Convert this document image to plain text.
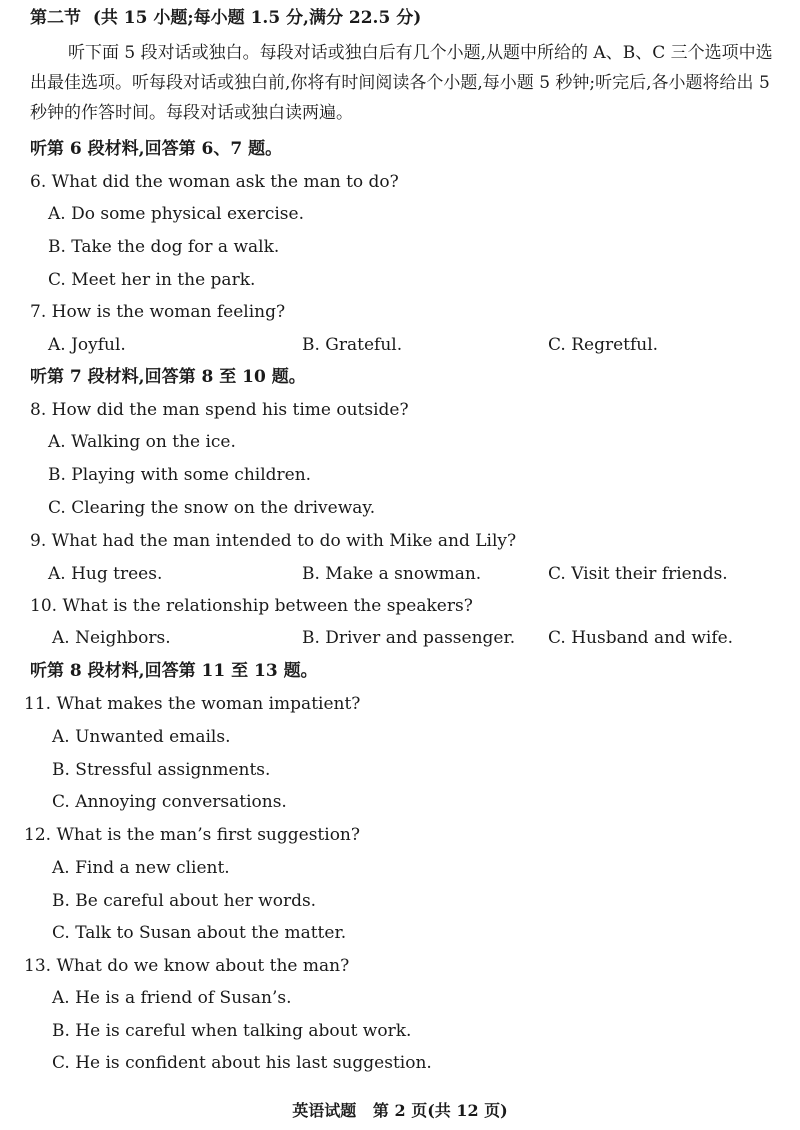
第二节  (共 15 小题;每小题 1.5 分,满分 22.5 分)
听下面 5 段对话或独白。每段对话或独白后有几个小题,从题中所给的 A、B、C 三个选项中选出最佳选项。听每段对话或独白前,你将有时间阅读各个小题,每小题 5 秒钟;听完后,各小题将给出 5 秒钟的作答时间。每段对话或独白读两遍。
听第 6 段材料,回答第 6、7 题。
6. What did the woman ask the man to do?
A. Do some physical exercise.
B. Take the dog for a walk.
C. Meet her in the park.
7. How is the woman feeling?
A. Joyful.	B. Grateful.	C. Regretful.
听第 7 段材料,回答第 8 至 10 题。
8. How did the man spend his time outside?
A. Walking on the ice.
B. Playing with some children.
C. Clearing the snow on the driveway.
9. What had the man intended to do with Mike and Lily?
A. Hug trees.	B. Make a snowman.	C. Visit their friends.
10. What is the relationship between the speakers?
A. Neighbors.	B. Driver and passenger. C. Husband and wife.
听第 8 段材料,回答第 11 至 13 题。
11. What makes the woman impatient?
A. Unwanted emails.
B. Stressful assignments.
C. Annoying conversations.
12. What is the man’s first suggestion?
A. Find a new client.
B. Be careful about her words.
C. Talk to Susan about the matter.
13. What do we know about the man?
A. He is a friend of Susan’s.
B. He is careful when talking about work.
C. He is confident about his last suggestion.
英语试题   第 2 页(共 12 页)
